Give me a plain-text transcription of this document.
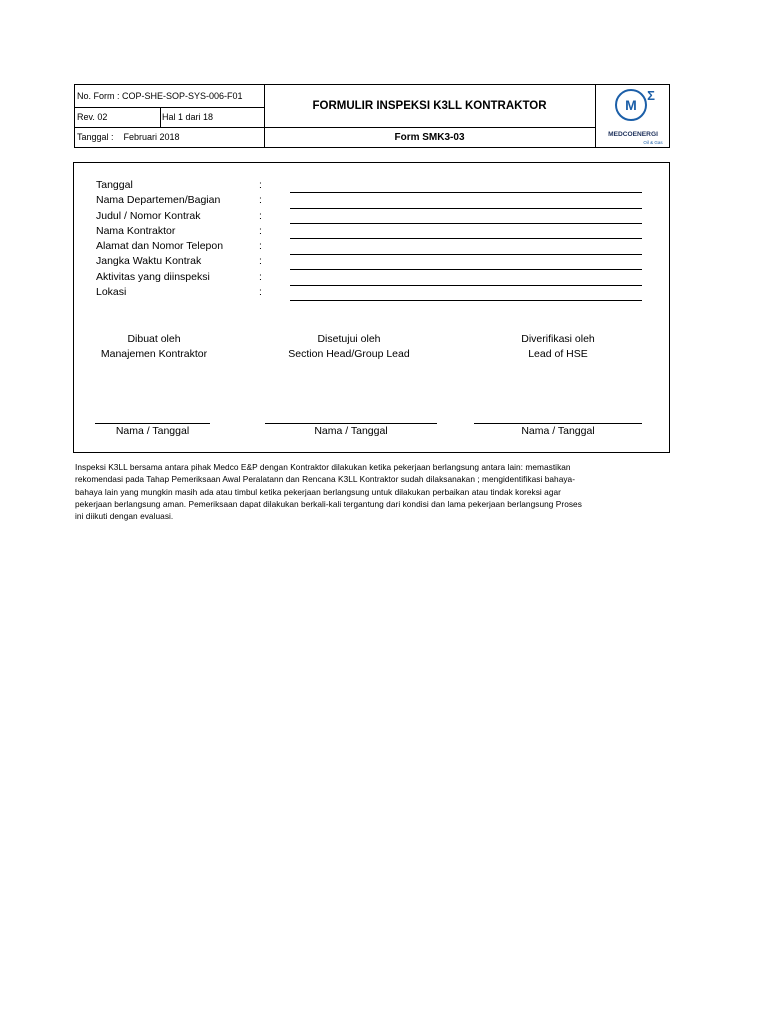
No. Form : COP-SHE-SOP-SYS-006-F01
Rev. 02	Hal 1 dari 18
Tanggal : Februari 2018
FORMULIR INSPEKSI K3LL KONTRAKTOR
Form SMK3-03
M
Σ
MEDCOENERGI
Oil & Gas
Tanggal	:
Nama Departemen/Bagian	:
Judul / Nomor Kontrak	:
Nama Kontraktor	:
Alamat dan Nomor Telepon	:
Jangka Waktu Kontrak	:
Aktivitas yang diinspeksi	:
Lokasi	:
Dibuat oleh
Manajemen Kontraktor
Nama / Tanggal
Disetujui oleh
Section Head/Group Lead
Nama / Tanggal
Diverifikasi oleh
Lead of HSE
Nama / Tanggal
Inspeksi K3LL bersama antara pihak Medco E&P dengan Kontraktor dilakukan ketika pekerjaan berlangsung antara lain: memastikan
rekomendasi pada Tahap Pemeriksaan Awal Peralatann dan Rencana K3LL Kontraktor sudah dilaksanakan ; mengidentifikasi bahaya-
bahaya lain yang mungkin masih ada atau timbul ketika pekerjaan berlangsung untuk dilakukan perbaikan atau tindak koreksi agar
pekerjaan berlangsung aman. Pemeriksaan dapat dilakukan berkali-kali tergantung dari kondisi dan lama pekerjaan berlangsung Proses
ini diikuti dengan evaluasi.
